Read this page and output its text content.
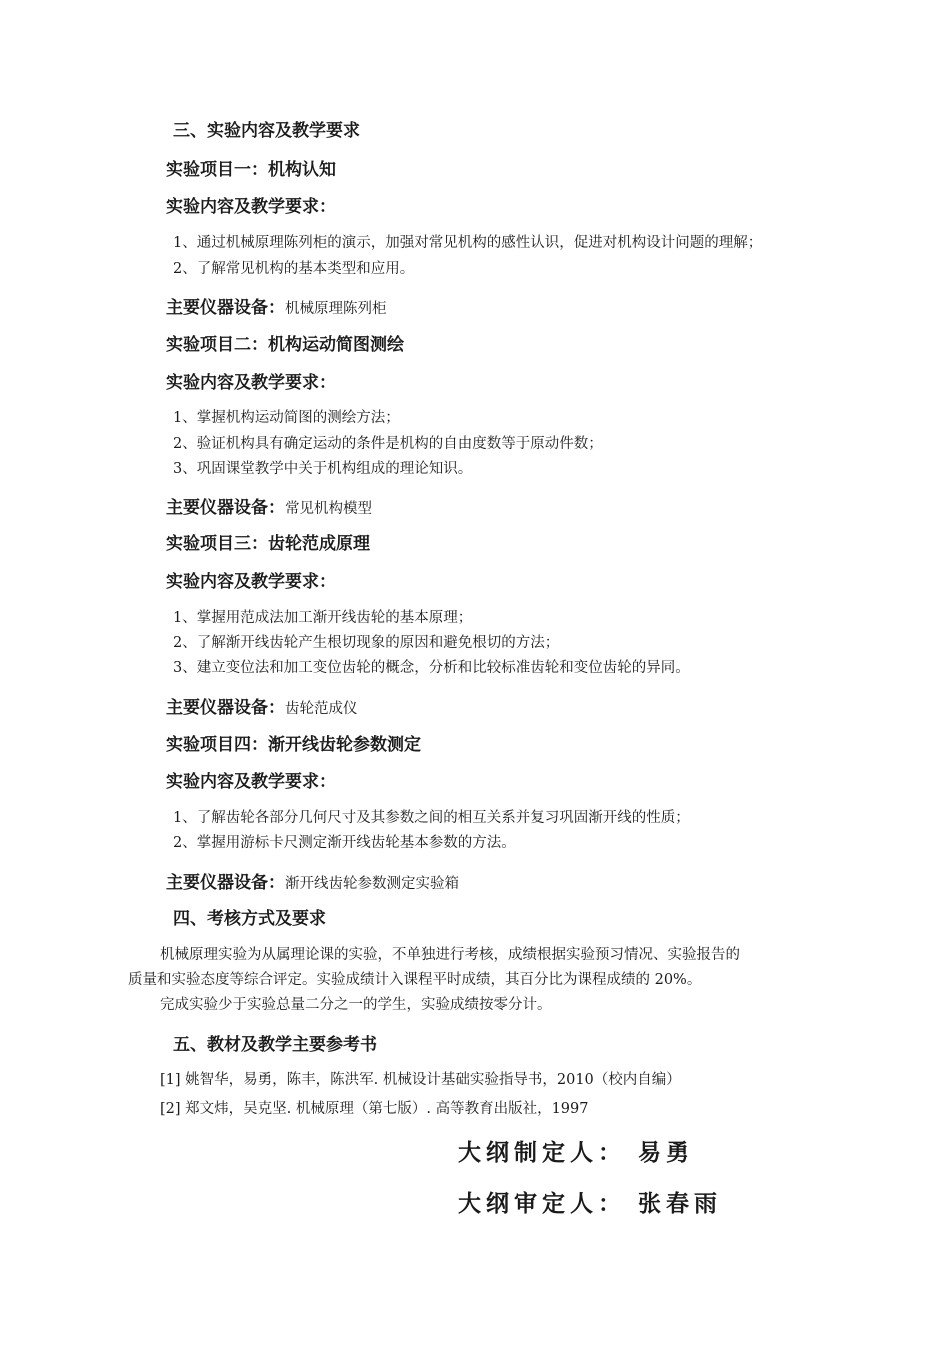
三、实验内容及教学要求
实验项目一：机构认知
实验内容及教学要求：
1、通过机械原理陈列柜的演示，加强对常见机构的感性认识，促进对机构设计问题的理解；
2、了解常见机构的基本类型和应用。
主要仪器设备：机械原理陈列柜
实验项目二：机构运动简图测绘
实验内容及教学要求：
1、掌握机构运动简图的测绘方法；
2、验证机构具有确定运动的条件是机构的自由度数等于原动件数；
3、巩固课堂教学中关于机构组成的理论知识。
主要仪器设备：常见机构模型
实验项目三：齿轮范成原理
实验内容及教学要求：
1、掌握用范成法加工渐开线齿轮的基本原理；
2、了解渐开线齿轮产生根切现象的原因和避免根切的方法；
3、建立变位法和加工变位齿轮的概念，分析和比较标准齿轮和变位齿轮的异同。
主要仪器设备：齿轮范成仪
实验项目四：渐开线齿轮参数测定
实验内容及教学要求：
1、了解齿轮各部分几何尺寸及其参数之间的相互关系并复习巩固渐开线的性质；
2、掌握用游标卡尺测定渐开线齿轮基本参数的方法。
主要仪器设备：渐开线齿轮参数测定实验箱
四、考核方式及要求
机械原理实验为从属理论课的实验，不单独进行考核，成绩根据实验预习情况、实验报告的
质量和实验态度等综合评定。实验成绩计入课程平时成绩，其百分比为课程成绩的 20%。
完成实验少于实验总量二分之一的学生，实验成绩按零分计。
五、教材及教学主要参考书
[1] 姚智华，易勇，陈丰，陈洪军. 机械设计基础实验指导书，2010（校内自编）
[2] 郑文炜，吴克坚. 机械原理（第七版）. 高等教育出版社，1997
大纲制定人： 易勇
大纲审定人： 张春雨
